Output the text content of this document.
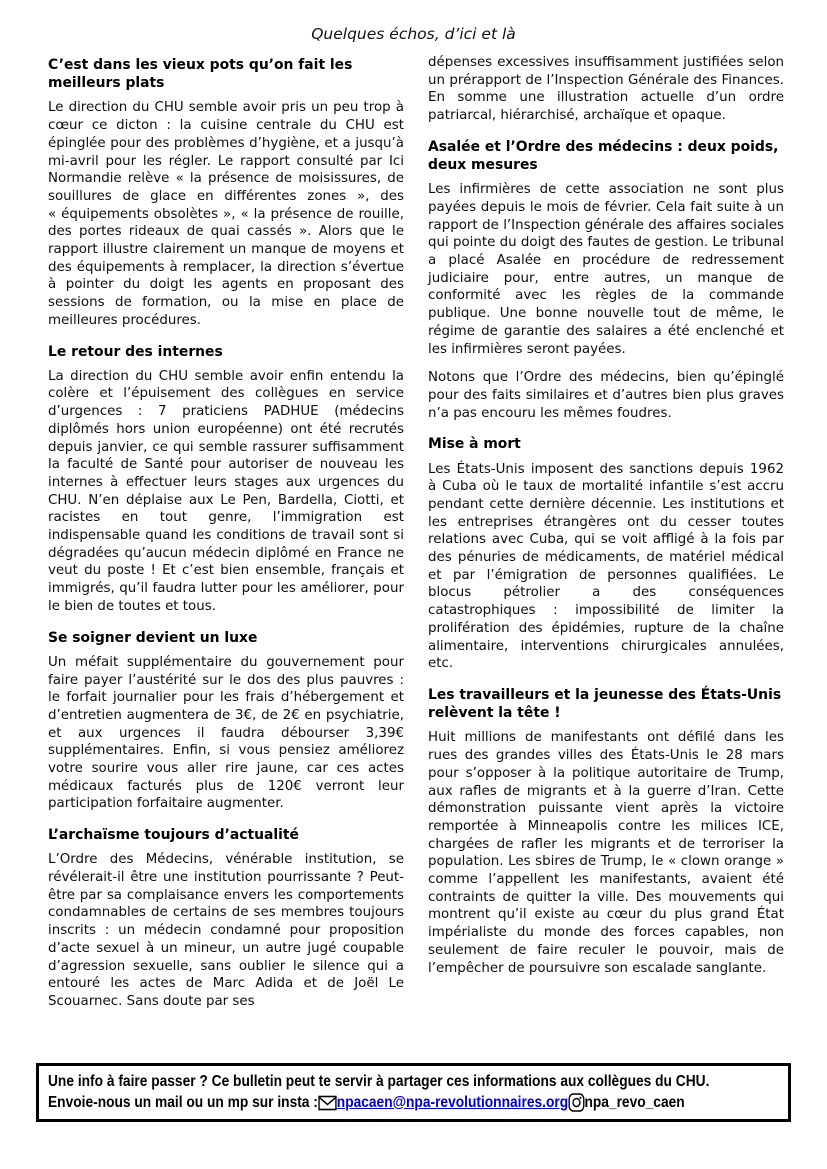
Quelques échos, d’ici et là
C’est dans les vieux pots qu’on fait les meilleurs plats

Le direction du CHU semble avoir pris un peu trop à cœur ce dicton : la cuisine centrale du CHU est épinglée pour des problèmes d’hygiène, et a jusqu’à mi-avril pour les régler. Le rapport consulté par Ici Normandie relève « la présence de moisissures, de souillures de glace en différentes zones », des « équipements obsolètes », « la présence de rouille, des portes rideaux de quai cassés ». Alors que le rapport illustre clairement un manque de moyens et des équipements à remplacer, la direction s’évertue à pointer du doigt les agents en proposant des sessions de formation, ou la mise en place de meilleures procédures.

Le retour des internes

La direction du CHU semble avoir enfin entendu la colère et l’épuisement des collègues en service d’urgences : 7 praticiens PADHUE (médecins diplômés hors union européenne) ont été recrutés depuis janvier, ce qui semble rassurer suffisamment la faculté de Santé pour autoriser de nouveau les internes à effectuer leurs stages aux urgences du CHU. N’en déplaise aux Le Pen, Bardella, Ciotti, et racistes en tout genre, l’immigration est indispensable quand les conditions de travail sont si dégradées qu’aucun médecin diplômé en France ne veut du poste ! Et c’est bien ensemble, français et immigrés, qu’il faudra lutter pour les améliorer, pour le bien de toutes et tous.

Se soigner devient un luxe

Un méfait supplémentaire du gouvernement pour faire payer l’austérité sur le dos des plus pauvres : le forfait journalier pour les frais d’hébergement et d’entretien augmentera de 3€, de 2€ en psychiatrie, et aux urgences il faudra débourser 3,39€ supplémentaires. Enfin, si vous pensiez améliorez votre sourire vous aller rire jaune, car ces actes médicaux facturés plus de 120€ verront leur participation forfaitaire augmenter.

L’archaïsme toujours d’actualité

L’Ordre des Médecins, vénérable institution, se révélerait-il être une institution pourrissante ? Peut-être par sa complaisance envers les comportements condamnables de certains de ses membres toujours inscrits : un médecin condamné pour proposition d’acte sexuel à un mineur, un autre jugé coupable d’agression sexuelle, sans oublier le silence qui a entouré les actes de Marc Adida et de Joël Le Scouarnec. Sans doute par ses

dépenses excessives insuffisamment justifiées selon un prérapport de l’Inspection Générale des Finances. En somme une illustration actuelle d’un ordre patriarcal, hiérarchisé, archaïque et opaque.

Asalée et l’Ordre des médecins : deux poids, deux mesures

Les infirmières de cette association ne sont plus payées depuis le mois de février. Cela fait suite à un rapport de l’Inspection générale des affaires sociales qui pointe du doigt des fautes de gestion. Le tribunal a placé Asalée en procédure de redressement judiciaire pour, entre autres, un manque de conformité avec les règles de la commande publique. Une bonne nouvelle tout de même, le régime de garantie des salaires a été enclenché et les infirmières seront payées.

Notons que l’Ordre des médecins, bien qu’épinglé pour des faits similaires et d’autres bien plus graves n’a pas encouru les mêmes foudres.

Mise à mort

Les États-Unis imposent des sanctions depuis 1962 à Cuba où le taux de mortalité infantile s’est accru pendant cette dernière décennie. Les institutions et les entreprises étrangères ont du cesser toutes relations avec Cuba, qui se voit affligé à la fois par des pénuries de médicaments, de matériel médical et par l’émigration de personnes qualifiées. Le blocus pétrolier a des conséquences catastrophiques : impossibilité de limiter la prolifération des épidémies, rupture de la chaîne alimentaire, interventions chirurgicales annulées, etc.

Les travailleurs et la jeunesse des États-Unis relèvent la tête !

Huit millions de manifestants ont défilé dans les rues des grandes villes des États-Unis le 28 mars pour s’opposer à la politique autoritaire de Trump, aux rafles de migrants et à la guerre d’Iran. Cette démonstration puissante vient après la victoire remportée à Minneapolis contre les milices ICE, chargées de rafler les migrants et de terroriser la population. Les sbires de Trump, le « clown orange » comme l’appellent les manifestants, avaient été contraints de quitter la ville. Des mouvements qui montrent qu’il existe au cœur du plus grand État impérialiste du monde des forces capables, non seulement de faire reculer le pouvoir, mais de l’empêcher de poursuivre son escalade sanglante.

Une info à faire passer ? Ce bulletin peut te servir à partager ces informations aux collègues du CHU.
Envoie-nous un mail ou un mp sur insta : npacaen@npa-revolutionnaires.org npa_revo_caen
